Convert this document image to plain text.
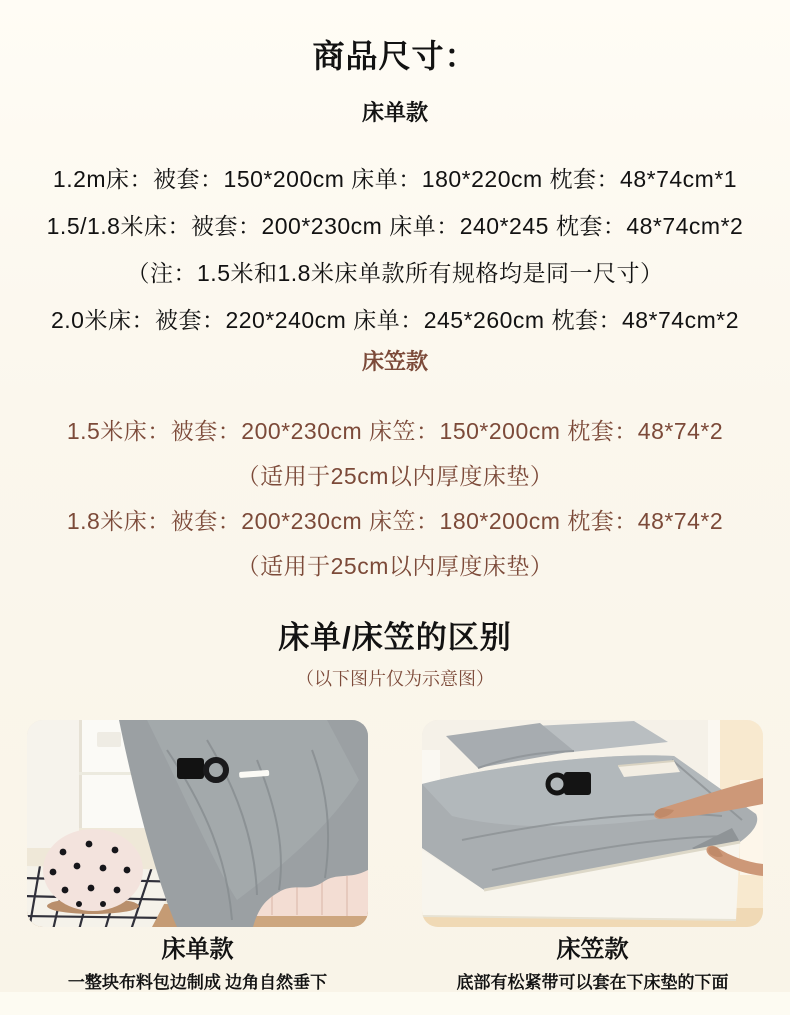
商品尺寸：
床单款

1.2m床：被套：150*200cm 床单：180*220cm 枕套：48*74cm*1

1.5/1.8米床：被套：200*230cm 床单：240*245 枕套：48*74cm*2

（注：1.5米和1.8米床单款所有规格均是同一尺寸）

2.0米床：被套：220*240cm 床单：245*260cm 枕套：48*74cm*2

床笠款

1.5米床：被套：200*230cm 床笠：150*200cm 枕套：48*74*2

（适用于25cm以内厚度床垫）

1.8米床：被套：200*230cm 床笠：180*200cm 枕套：48*74*2

（适用于25cm以内厚度床垫）

床单/床笠的区别

（以下图片仅为示意图）

床单款	床笠款
一整块布料包边制成 边角自然垂下	底部有松紧带可以套在下床垫的下面
